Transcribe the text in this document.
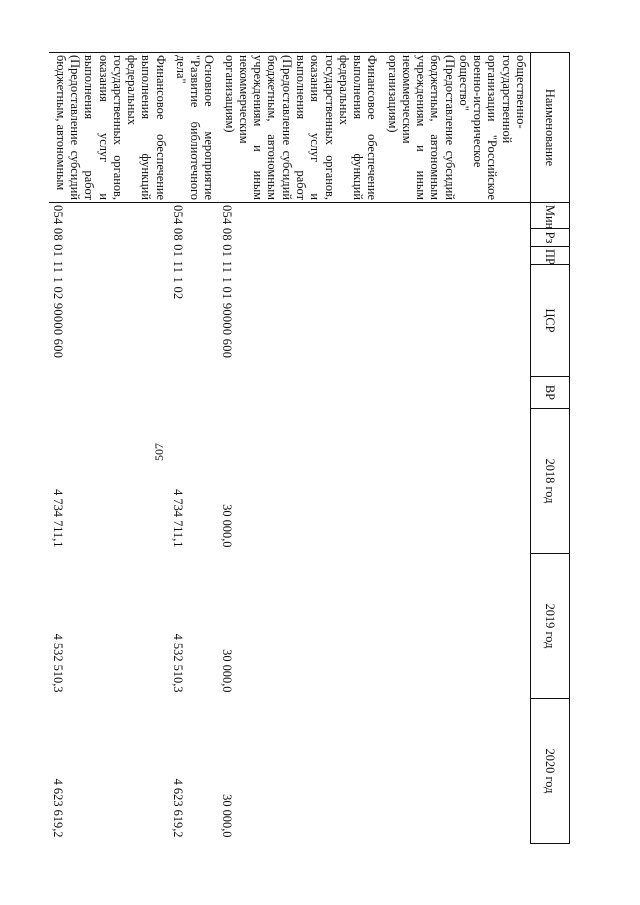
507
Наименование	Мин	Рз	ПР	ЦСР	ВР	2018 год	2019 год	2020 год
общественно-государственной организации "Российское военно-историческое общество" (Предоставление субсидий бюджетным, автономным учреждениям и иным некоммерческим организациям)								
Финансовое обеспечение выполнения функций федеральных государственных органов, оказания услуг и выполнения работ (Предоставление субсидий бюджетным, автономным учреждениям и иным некоммерческим организациям)	054 08 01 11 1 01 90000 600					30 000,0	30 000,0	30 000,0
Основное мероприятие "Развитие библиотечного дела"	054 08 01 11 1 02					4 734 711,1	4 532 510,3	4 623 619,2
Финансовое обеспечение выполнения функций федеральных государственных органов, оказания услуг и выполнения работ (Предоставление субсидий бюджетным, автономным	054 08 01 11 1 02 90000 600					4 734 711,1	4 532 510,3	4 623 619,2
